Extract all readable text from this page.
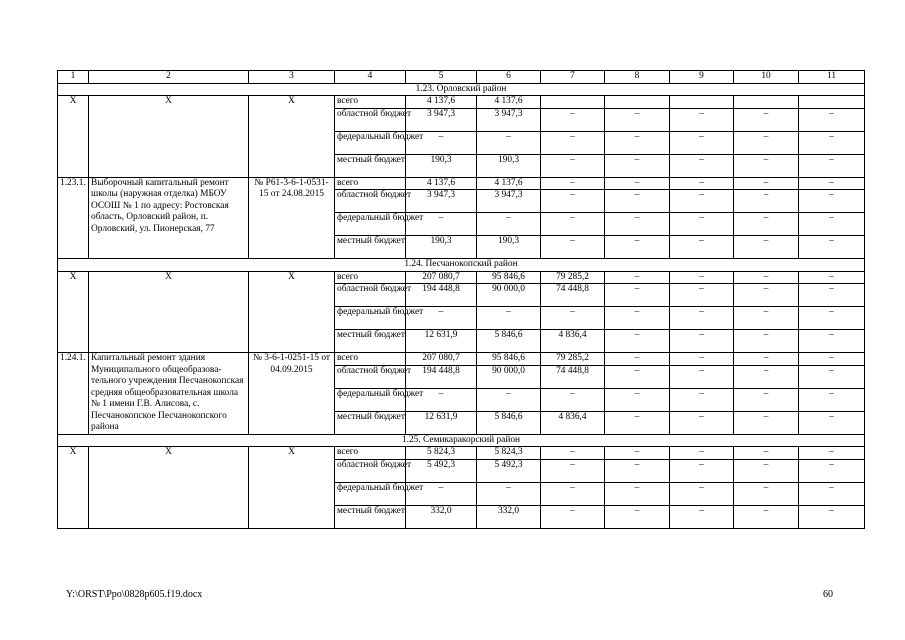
1	2	3	4	5	6	7	8	9	10	11
1.23. Орловский район										
X	X	X	всего	4 137,6	4 137,6					
			областной бюджет	3 947,3	3 947,3	–	–	–	–	–
			федеральный бюджет	–	–	–	–	–	–	–
			местный бюджет	190,3	190,3	–	–	–	–	–
1.23.1.	Выборочный капитальный ремонт школы (наружная отделка) МБОУ ОСОШ № 1 по адресу: Ростовская область, Орловский район, п. Орловский, ул. Пионерская, 77	№ Р61-3-6-1-0531-15 от 24.08.2015	всего	4 137,6	4 137,6	–	–	–	–	–
			областной бюджет	3 947,3	3 947,3	–	–	–	–	–
			федеральный бюджет	–	–	–	–	–	–	–
			местный бюджет	190,3	190,3	–	–	–	–	–
1.24. Песчанокопский район										
X	X	X	всего	207 080,7	95 846,6	79 285,2	–	–	–	–
			областной бюджет	194 448,8	90 000,0	74 448,8	–	–	–	–
			федеральный бюджет	–	–	–	–	–	–	–
			местный бюджет	12 631,9	5 846,6	4 836,4	–	–	–	–
1.24.1.	Капитальный ремонт здания Муниципального общеобразова-тельного учреждения Песчанокопская средняя общеобразовательная школа № 1 имени Г.В. Алисова, с. Песчанокопское Песчанокопского района	№ 3-6-1-0251-15 от 04.09.2015	всего	207 080,7	95 846,6	79 285,2	–	–	–	–
			областной бюджет	194 448,8	90 000,0	74 448,8	–	–	–	–
			федеральный бюджет	–	–	–	–	–	–	–
			местный бюджет	12 631,9	5 846,6	4 836,4	–	–	–	–
1.25. Семикаракорский район										
X	X	X	всего	5 824,3	5 824,3	–	–	–	–	–
			областной бюджет	5 492,3	5 492,3	–	–	–	–	–
			федеральный бюджет	–	–	–	–	–	–	–
			местный бюджет	332,0	332,0	–	–	–	–	–
Y:\ORST\Ppo\0828p605.f19.docx	60
